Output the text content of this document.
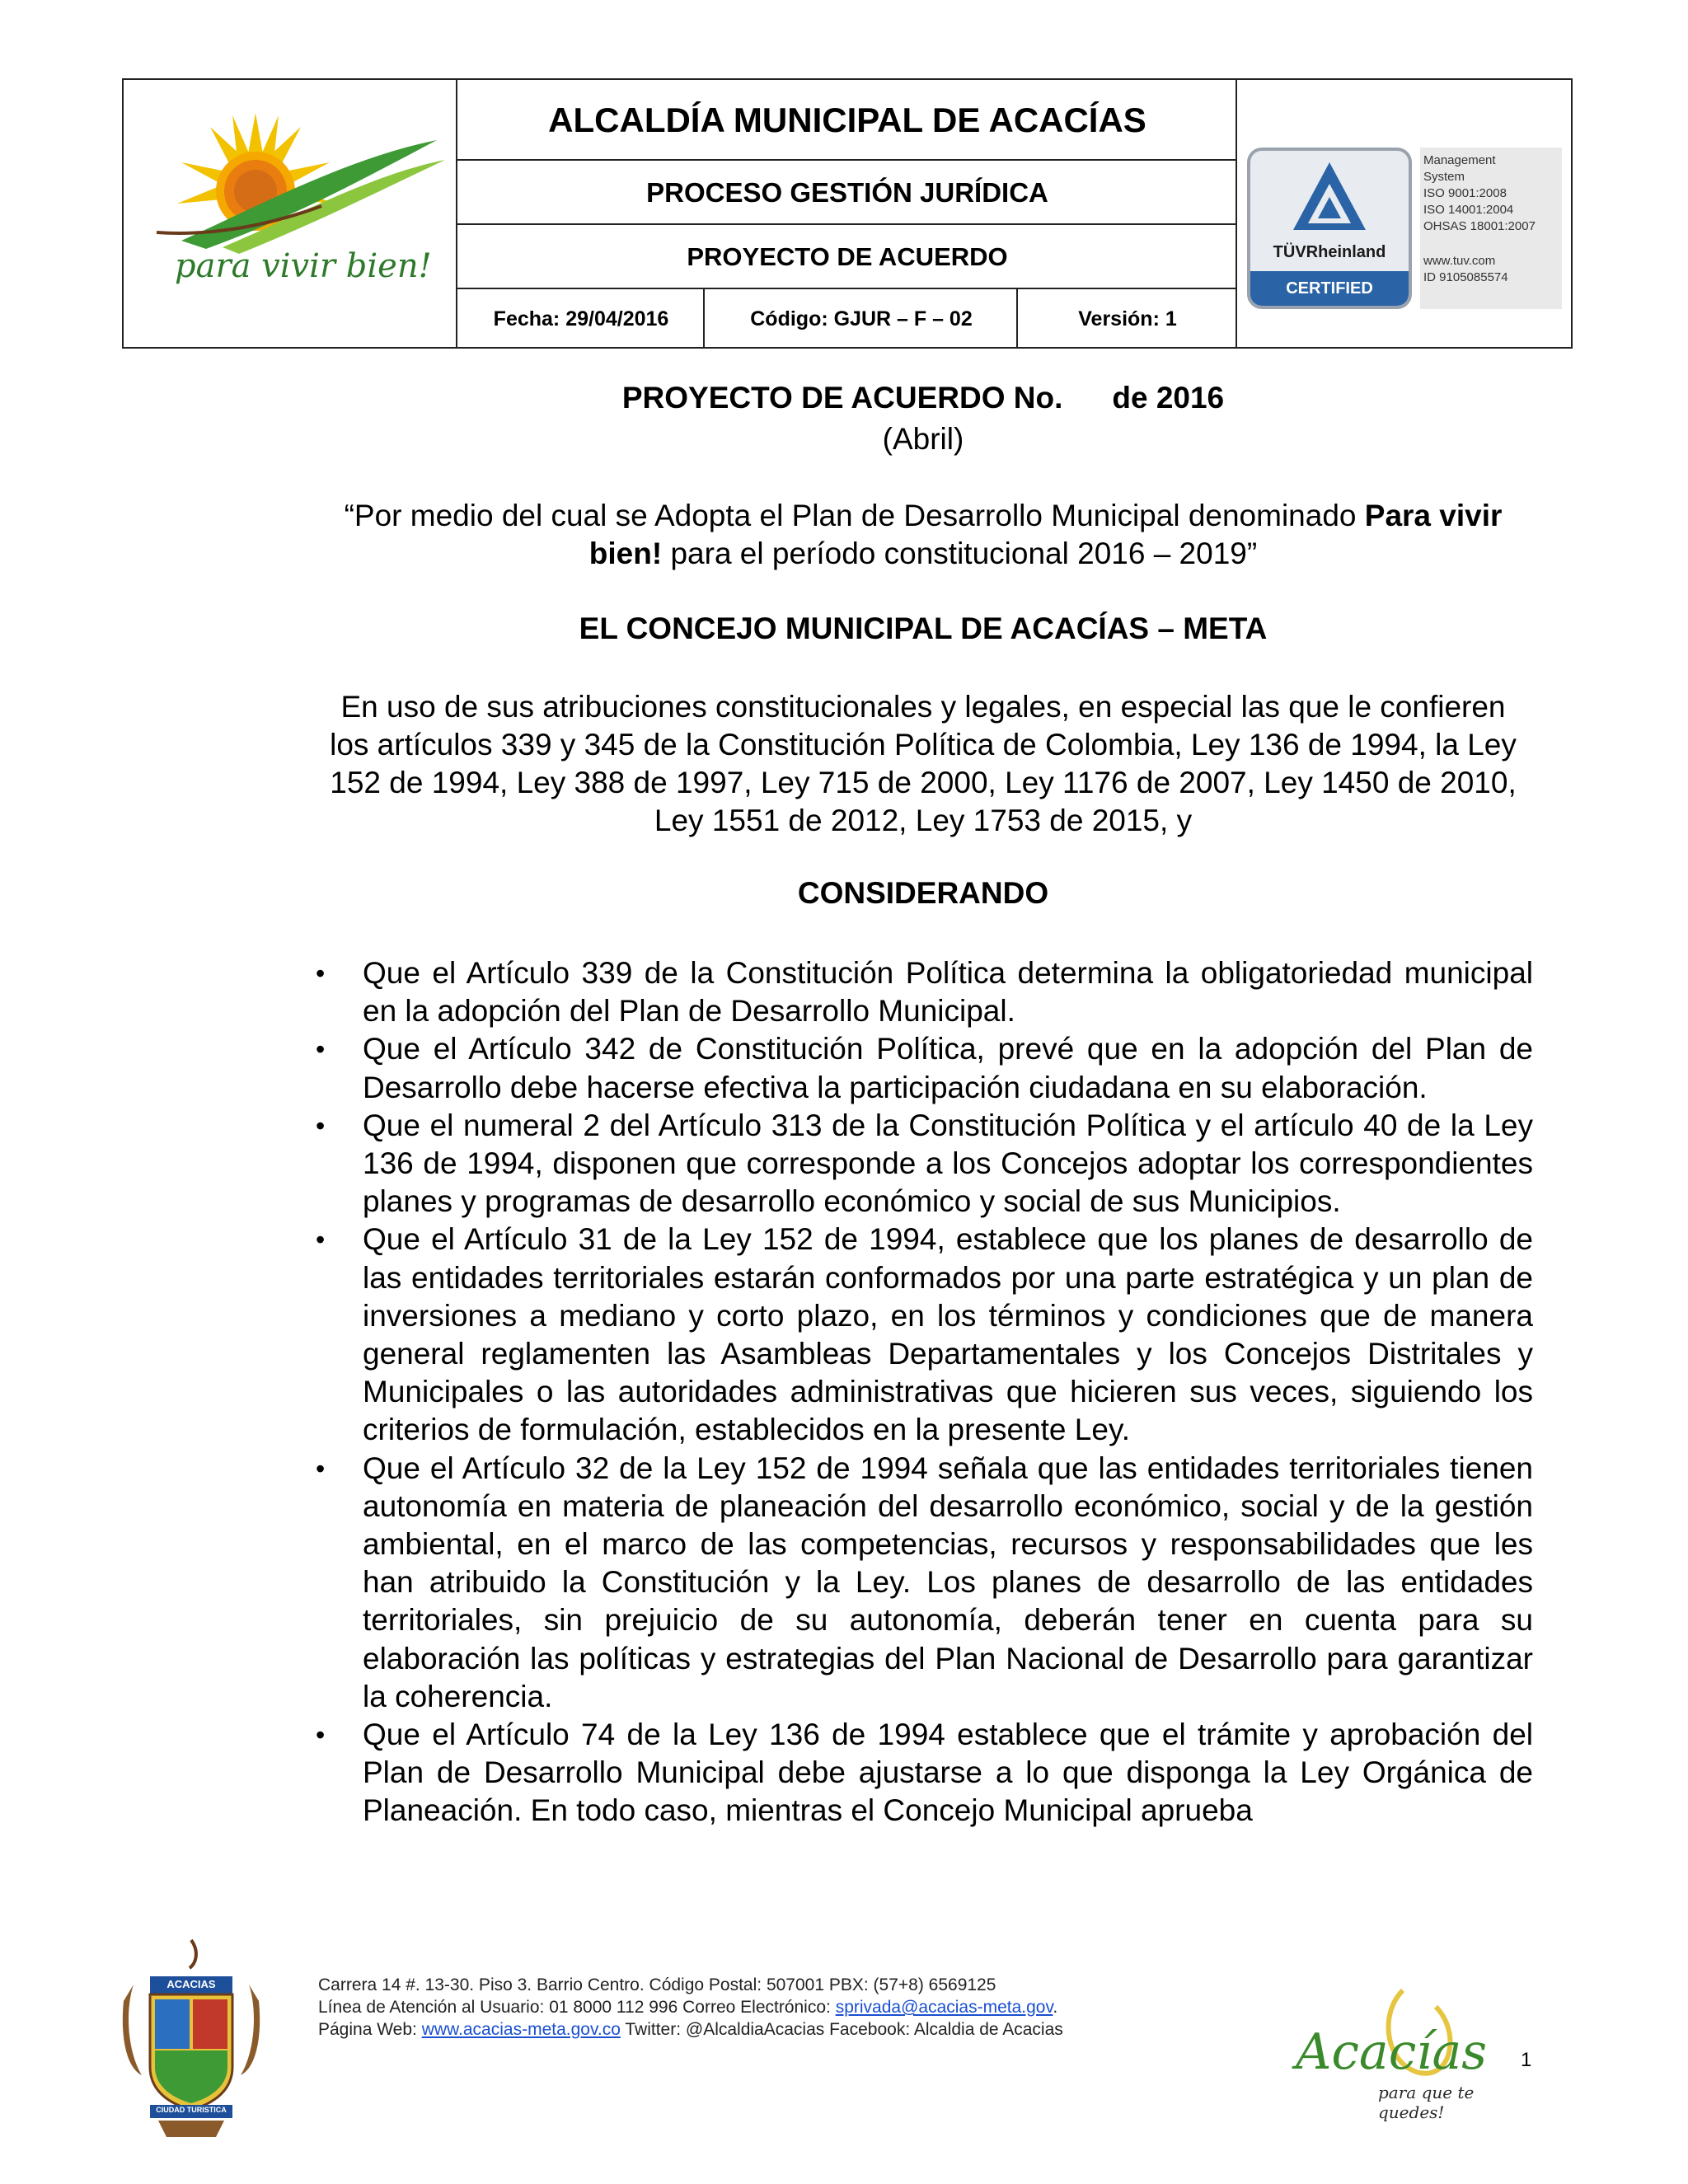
para vivir bien!
ALCALDÍA MUNICIPAL DE ACACÍAS
PROCESO GESTIÓN JURÍDICA
PROYECTO DE ACUERDO
Fecha: 29/04/2016	Código: GJUR – F – 02	Versión: 1
TÜVRheinland
CERTIFIED
Management
System
ISO 9001:2008
ISO 14001:2004
OHSAS 18001:2007
www.tuv.com
ID 9105085574
PROYECTO DE ACUERDO No. de 2016
(Abril)
“Por medio del cual se Adopta el Plan de Desarrollo Municipal denominado Para vivir bien! para el período constitucional 2016 – 2019”
EL CONCEJO MUNICIPAL DE ACACÍAS – META
En uso de sus atribuciones constitucionales y legales, en especial las que le confieren los artículos 339 y 345 de la Constitución Política de Colombia, Ley 136 de 1994, la Ley 152 de 1994, Ley 388 de 1997, Ley 715 de 2000, Ley 1176 de 2007, Ley 1450 de 2010, Ley 1551 de 2012, Ley 1753 de 2015, y
CONSIDERANDO
• Que el Artículo 339 de la Constitución Política determina la obligatoriedad municipal en la adopción del Plan de Desarrollo Municipal.
• Que el Artículo 342 de Constitución Política, prevé que en la adopción del Plan de Desarrollo debe hacerse efectiva la participación ciudadana en su elaboración.
• Que el numeral 2 del Artículo 313 de la Constitución Política y el artículo 40 de la Ley 136 de 1994, disponen que corresponde a los Concejos adoptar los correspondientes planes y programas de desarrollo económico y social de sus Municipios.
• Que el Artículo 31 de la Ley 152 de 1994, establece que los planes de desarrollo de las entidades territoriales estarán conformados por una parte estratégica y un plan de inversiones a mediano y corto plazo, en los términos y condiciones que de manera general reglamenten las Asambleas Departamentales y los Concejos Distritales y Municipales o las autoridades administrativas que hicieren sus veces, siguiendo los criterios de formulación, establecidos en la presente Ley.
• Que el Artículo 32 de la Ley 152 de 1994 señala que las entidades territoriales tienen autonomía en materia de planeación del desarrollo económico, social y de la gestión ambiental, en el marco de las competencias, recursos y responsabilidades que les han atribuido la Constitución y la Ley. Los planes de desarrollo de las entidades territoriales, sin prejuicio de su autonomía, deberán tener en cuenta para su elaboración las políticas y estrategias del Plan Nacional de Desarrollo para garantizar la coherencia.
• Que el Artículo 74 de la Ley 136 de 1994 establece que el trámite y aprobación del Plan de Desarrollo Municipal debe ajustarse a lo que disponga la Ley Orgánica de Planeación. En todo caso, mientras el Concejo Municipal aprueba
ACACIAS
CIUDAD TURISTICA
Carrera 14 #. 13-30. Piso 3. Barrio Centro. Código Postal: 507001 PBX: (57+8) 6569125
Línea de Atención al Usuario: 01 8000 112 996 Correo Electrónico: sprivada@acacias-meta.gov.
Página Web: www.acacias-meta.gov.co Twitter: @AlcaldiaAcacias Facebook: Alcaldia de Acacias	Acacías
para que te quedes!
1
